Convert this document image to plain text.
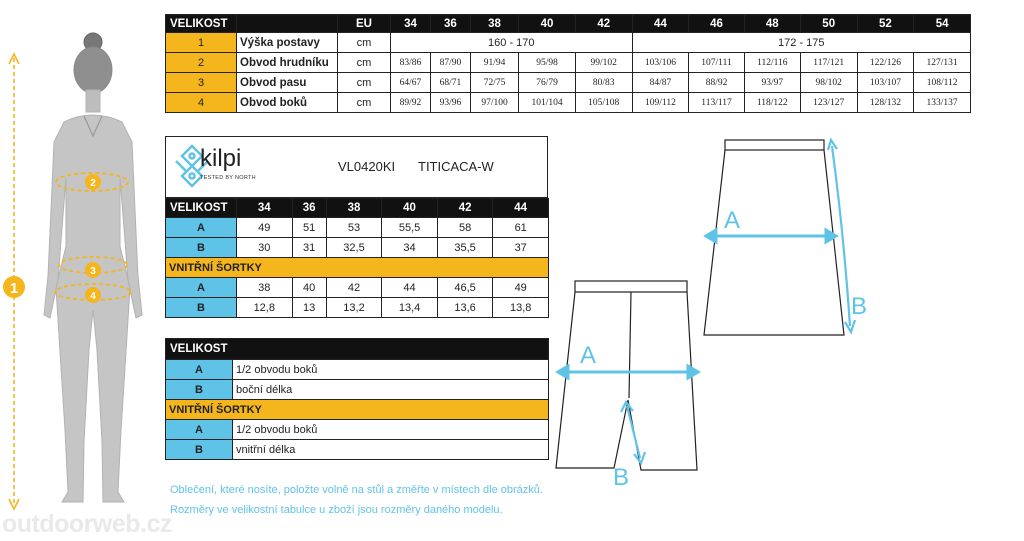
VELIKOST		EU	34	36	38	40	42	44	46	48	50	52	54
1	Výška postavy	cm	160 - 170					172 - 175					
2	Obvod hrudníku	cm	83/86	87/90	91/94	95/98	99/102	103/106	107/111	112/116	117/121	122/126	127/131
3	Obvod pasu	cm	64/67	68/71	72/75	76/79	80/83	84/87	88/92	93/97	98/102	103/107	108/112
4	Obvod boků	cm	89/92	93/96	97/100	101/104	105/108	109/112	113/117	118/122	123/127	128/132	133/137
kilpi
TESTED BY NORTH
VL0420KI TITICACA-W
VELIKOST	34	36	38	40	42	44
A	49	51	53	55,5	58	61
B	30	31	32,5	34	35,5	37
VNITŘNÍ ŠORTKY						
A	38	40	42	44	46,5	49
B	12,8	13	13,2	13,4	13,6	13,8
VELIKOST	
A	1/2 obvodu boků
B	boční délka
VNITŘNÍ ŠORTKY	
A	1/2 obvodu boků
B	vnitřní délka
Oblečení, které nosíte, položte volně na stůl a změřte v místech dle obrázků.
Rozměry ve velikostní tabulce u zboží jsou rozměry daného modelu.
outdoorweb.cz
1
2
3
4
A
B
A
B
